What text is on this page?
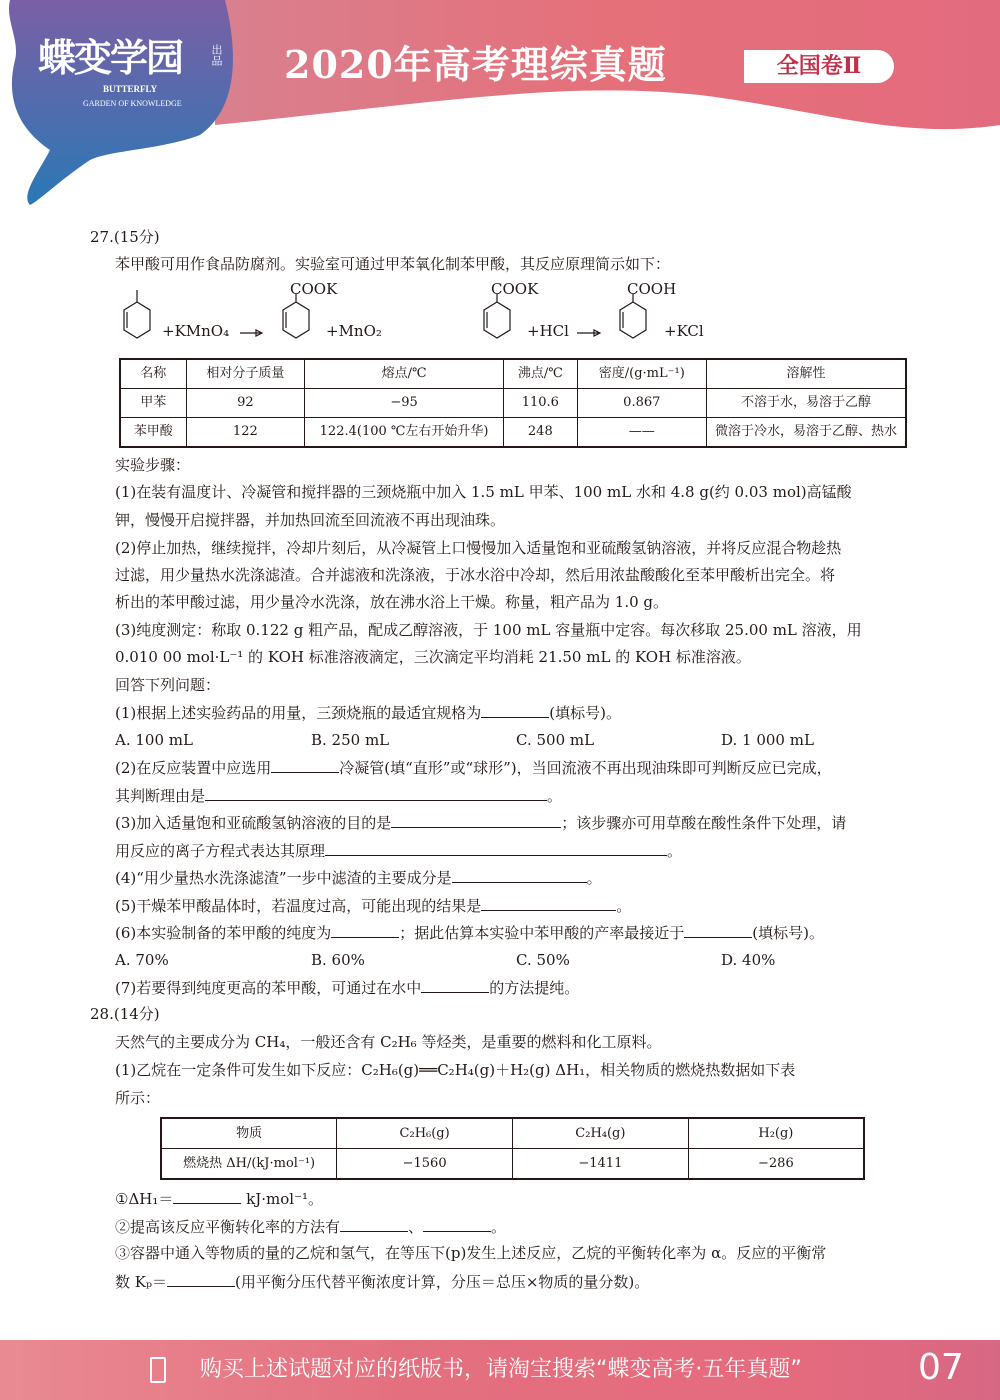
蝶变学园	出品
BUTTERFLY
GARDEN OF KNOWLEDGE
2020年高考理综真题	全国卷Ⅱ
27.(15分)
苯甲酸可用作食品防腐剂。实验室可通过甲苯氧化制苯甲酸，其反应原理简示如下：
+KMnO₄
COOK
+MnO₂
COOK
+HCl
COOH
+KCl
名称	相对分子质量	熔点/℃	沸点/℃	密度/(g·mL⁻¹)	溶解性
甲苯	92	−95	110.6	0.867	不溶于水，易溶于乙醇
苯甲酸	122	122.4(100 ℃左右开始升华)	248	——	微溶于冷水，易溶于乙醇、热水
实验步骤：
(1)在装有温度计、冷凝管和搅拌器的三颈烧瓶中加入 1.5 mL 甲苯、100 mL 水和 4.8 g(约 0.03 mol)高锰酸
钾，慢慢开启搅拌器，并加热回流至回流液不再出现油珠。
(2)停止加热，继续搅拌，冷却片刻后，从冷凝管上口慢慢加入适量饱和亚硫酸氢钠溶液，并将反应混合物趁热
过滤，用少量热水洗涤滤渣。合并滤液和洗涤液，于冰水浴中冷却，然后用浓盐酸酸化至苯甲酸析出完全。将
析出的苯甲酸过滤，用少量冷水洗涤，放在沸水浴上干燥。称量，粗产品为 1.0 g。
(3)纯度测定：称取 0.122 g 粗产品，配成乙醇溶液，于 100 mL 容量瓶中定容。每次移取 25.00 mL 溶液，用
0.010 00 mol·L⁻¹ 的 KOH 标准溶液滴定，三次滴定平均消耗 21.50 mL 的 KOH 标准溶液。
回答下列问题：
(1)根据上述实验药品的用量，三颈烧瓶的最适宜规格为	(填标号)。
A. 100 mL	B. 250 mL	C. 500 mL	D. 1 000 mL
(2)在反应装置中应选用	冷凝管(填“直形”或“球形”)，当回流液不再出现油珠即可判断反应已完成，
其判断理由是	。
(3)加入适量饱和亚硫酸氢钠溶液的目的是	；该步骤亦可用草酸在酸性条件下处理，请
用反应的离子方程式表达其原理	。
(4)“用少量热水洗涤滤渣”一步中滤渣的主要成分是	。
(5)干燥苯甲酸晶体时，若温度过高，可能出现的结果是	。
(6)本实验制备的苯甲酸的纯度为	；据此估算本实验中苯甲酸的产率最接近于	(填标号)。
A. 70%	B. 60%	C. 50%	D. 40%
(7)若要得到纯度更高的苯甲酸，可通过在水中	的方法提纯。
28.(14分)
天然气的主要成分为 CH₄，一般还含有 C₂H₆ 等烃类，是重要的燃料和化工原料。
(1)乙烷在一定条件可发生如下反应：C₂H₆(g)══C₂H₄(g)＋H₂(g) ΔH₁，相关物质的燃烧热数据如下表
所示：
物质	C₂H₆(g)	C₂H₄(g)	H₂(g)
燃烧热 ΔH/(kJ·mol⁻¹)	−1560	−1411	−286
①ΔH₁＝	kJ·mol⁻¹。
②提高该反应平衡转化率的方法有	、	。
③容器中通入等物质的量的乙烷和氢气，在等压下(p)发生上述反应，乙烷的平衡转化率为 α。反应的平衡常
数 Kₚ＝	(用平衡分压代替平衡浓度计算，分压＝总压×物质的量分数)。
购买上述试题对应的纸版书，请淘宝搜索“蝶变高考·五年真题”	07
